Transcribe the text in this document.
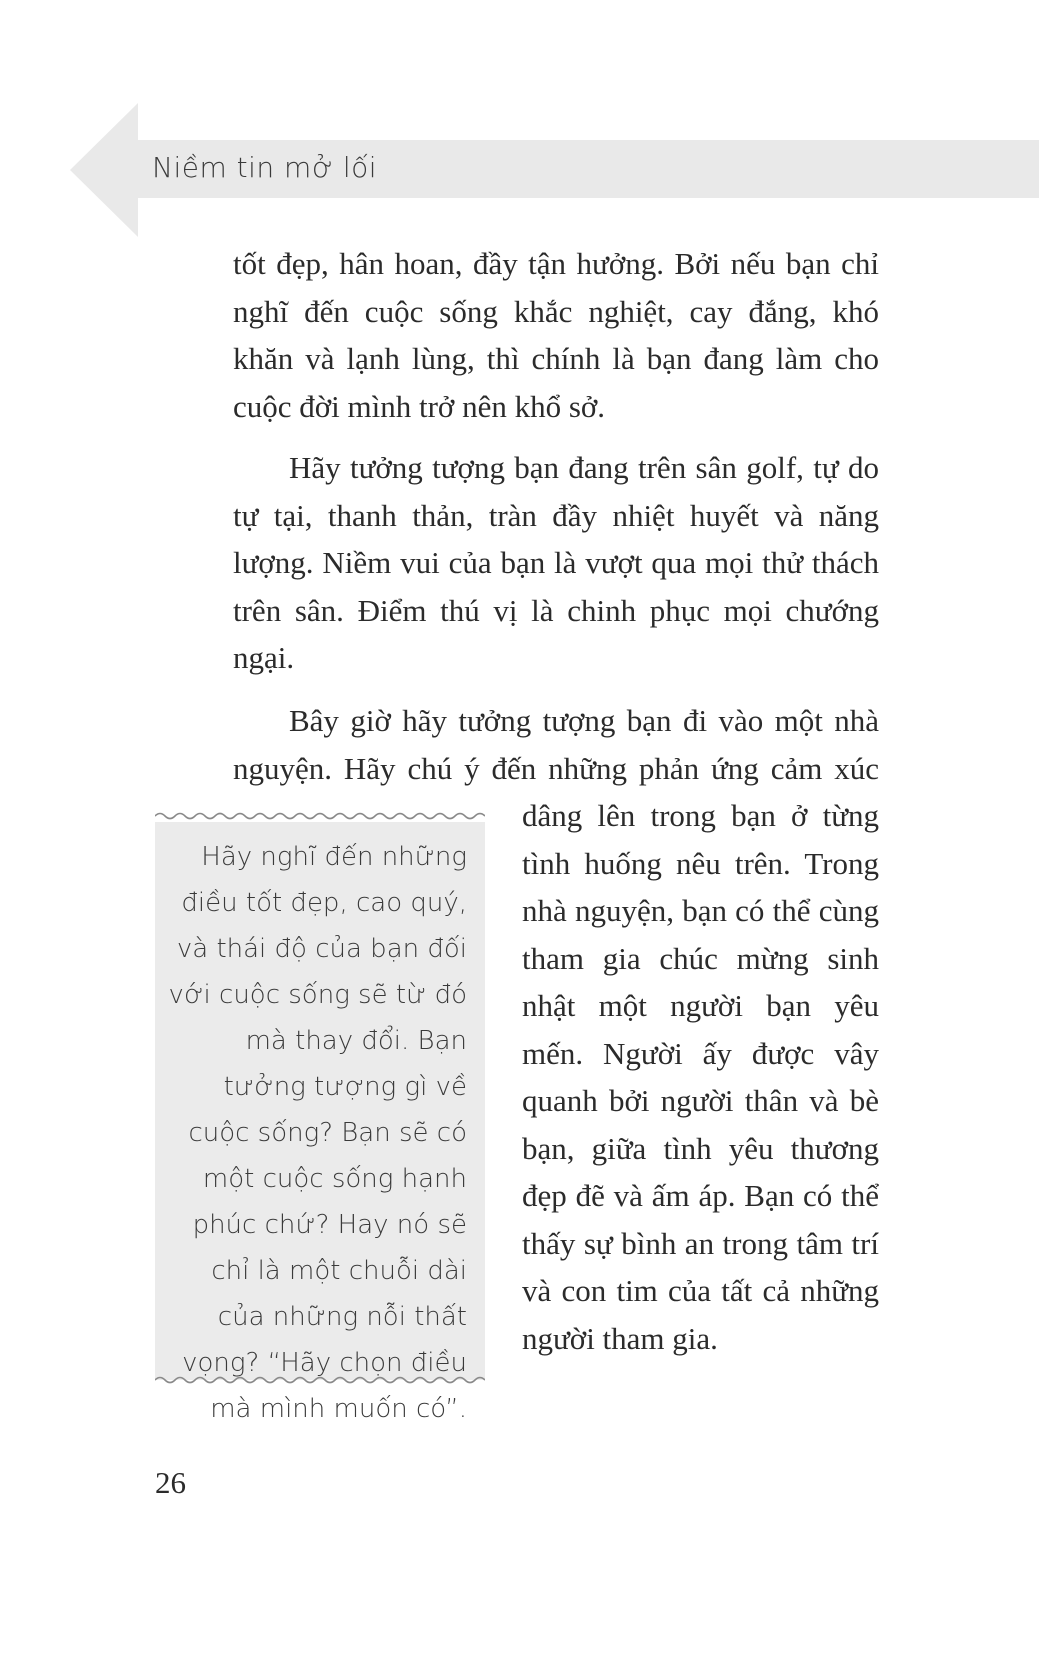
Niềm tin mở lối

tốt đẹp, hân hoan, đầy tận hưởng. Bởi nếu bạn chỉ nghĩ đến cuộc sống khắc nghiệt, cay đắng, khó khăn và lạnh lùng, thì chính là bạn đang làm cho cuộc đời mình trở nên khổ sở.

Hãy tưởng tượng bạn đang trên sân golf, tự do tự tại, thanh thản, tràn đầy nhiệt huyết và năng lượng. Niềm vui của bạn là vượt qua mọi thử thách trên sân. Điểm thú vị là chinh phục mọi chướng ngại.

Bây giờ hãy tưởng tượng bạn đi vào một nhà nguyện. Hãy chú ý đến những phản ứng cảm xúc

dâng lên trong bạn ở từng tình huống nêu trên. Trong nhà nguyện, bạn có thể cùng tham gia chúc mừng sinh nhật một người bạn yêu mến. Người ấy được vây quanh bởi người thân và bè bạn, giữa tình yêu thương đẹp đẽ và ấm áp. Bạn có thể thấy sự bình an trong tâm trí và con tim của tất cả những người tham gia.

Hãy nghĩ đến những điều tốt đẹp, cao quý, và thái độ của bạn đối với cuộc sống sẽ từ đó mà thay đổi. Bạn tưởng tượng gì về cuộc sống? Bạn sẽ có một cuộc sống hạnh phúc chứ? Hay nó sẽ chỉ là một chuỗi dài của những nỗi thất vọng? “Hãy chọn điều mà mình muốn có”.

26
